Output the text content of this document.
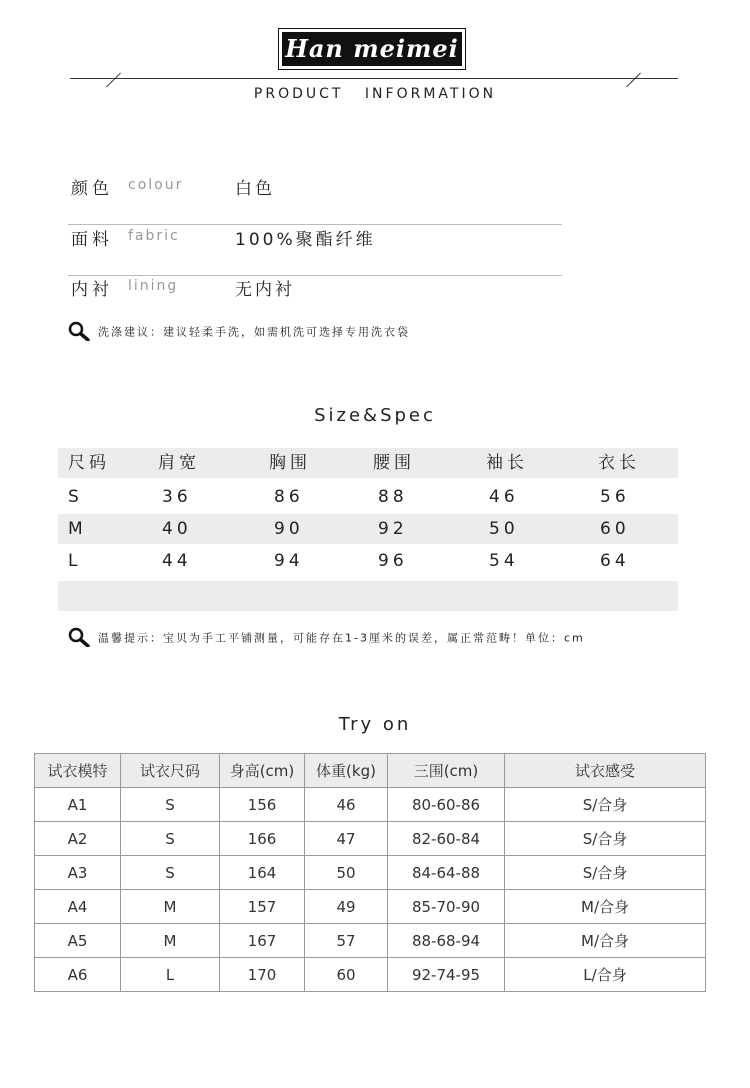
Han meimei
PRODUCT INFORMATION
颜色 colour	白色
面料 fabric	100%聚酯纤维
内衬 lining	无内衬
洗涤建议：建议轻柔手洗，如需机洗可选择专用洗衣袋
Size&Spec
尺码	肩宽	胸围	腰围	袖长	衣长
S	36	86	88	46	56
M	40	90	92	50	60
L	44	94	96	54	64
温馨提示：宝贝为手工平铺测量，可能存在1-3厘米的误差，属正常范畴！单位：cm
Try on
试衣模特	试衣尺码	身高(cm)	体重(kg)	三围(cm)	试衣感受
A1	S	156	46	80-60-86	S/合身
A2	S	166	47	82-60-84	S/合身
A3	S	164	50	84-64-88	S/合身
A4	M	157	49	85-70-90	M/合身
A5	M	167	57	88-68-94	M/合身
A6	L	170	60	92-74-95	L/合身
